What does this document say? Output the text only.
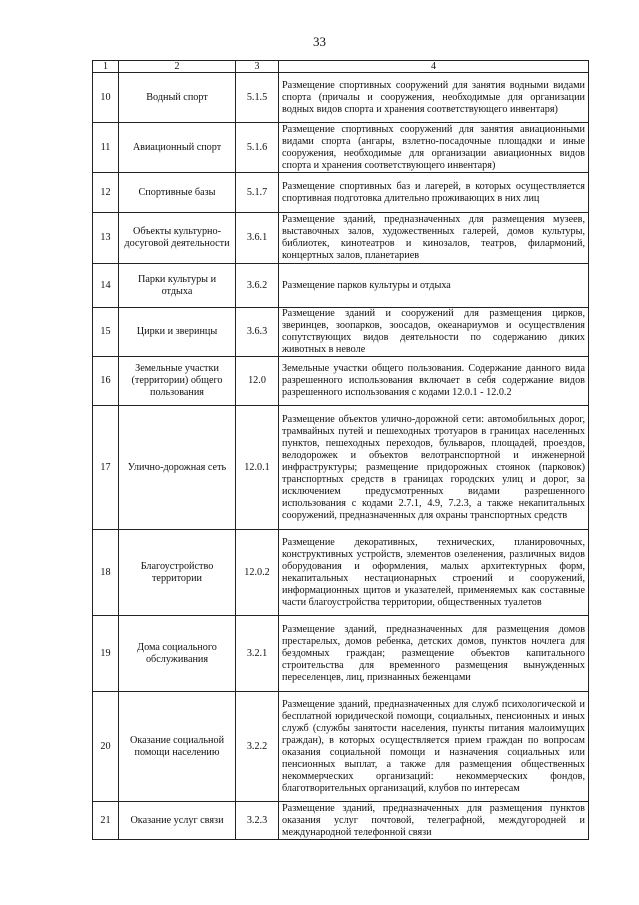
33
1	2	3	4
10	Водный спорт	5.1.5	Размещение спортивных сооружений для занятия водными видами спорта (причалы и сооружения, необходимые для организации водных видов спорта и хранения соответствующего инвентаря)
11	Авиационный спорт	5.1.6	Размещение спортивных сооружений для занятия авиационными видами спорта (ангары, взлетно-посадочные площадки и иные сооружения, необходимые для организации авиационных видов спорта и хранения соответствующего инвентаря)
12	Спортивные базы	5.1.7	Размещение спортивных баз и лагерей, в которых осуществляется спортивная подготовка длительно проживающих в них лиц
13	Объекты культурно-досуговой деятельности	3.6.1	Размещение зданий, предназначенных для размещения музеев, выставочных залов, художественных галерей, домов культуры, библиотек, кинотеатров и кинозалов, театров, филармоний, концертных залов, планетариев
14	Парки культуры и отдыха	3.6.2	Размещение парков культуры и отдыха
15	Цирки и зверинцы	3.6.3	Размещение зданий и сооружений для размещения цирков, зверинцев, зоопарков, зоосадов, океанариумов и осуществления сопутствующих видов деятельности по содержанию диких животных в неволе
16	Земельные участки (территории) общего пользования	12.0	Земельные участки общего пользования. Содержание данного вида разрешенного использования включает в себя содержание видов разрешенного использования с кодами 12.0.1 - 12.0.2
17	Улично-дорожная сеть	12.0.1	Размещение объектов улично-дорожной сети: автомобильных дорог, трамвайных путей и пешеходных тротуаров в границах населенных пунктов, пешеходных переходов, бульваров, площадей, проездов, велодорожек и объектов велотранспортной и инженерной инфраструктуры; размещение придорожных стоянок (парковок) транспортных средств в границах городских улиц и дорог, за исключением предусмотренных видами разрешенного использования с кодами 2.7.1, 4.9, 7.2.3, а также некапитальных сооружений, предназначенных для охраны транспортных средств
18	Благоустройство территории	12.0.2	Размещение декоративных, технических, планировочных, конструктивных устройств, элементов озеленения, различных видов оборудования и оформления, малых архитектурных форм, некапитальных нестационарных строений и сооружений, информационных щитов и указателей, применяемых как составные части благоустройства территории, общественных туалетов
19	Дома социального обслуживания	3.2.1	Размещение зданий, предназначенных для размещения домов престарелых, домов ребенка, детских домов, пунктов ночлега для бездомных граждан; размещение объектов капитального строительства для временного размещения вынужденных переселенцев, лиц, признанных беженцами
20	Оказание социальной помощи населению	3.2.2	Размещение зданий, предназначенных для служб психологической и бесплатной юридической помощи, социальных, пенсионных и иных служб (службы занятости населения, пункты питания малоимущих граждан), в которых осуществляется прием граждан по вопросам оказания социальной помощи и назначения социальных или пенсионных выплат, а также для размещения общественных некоммерческих организаций: некоммерческих фондов, благотворительных организаций, клубов по интересам
21	Оказание услуг связи	3.2.3	Размещение зданий, предназначенных для размещения пунктов оказания услуг почтовой, телеграфной, междугородней и международной телефонной связи
